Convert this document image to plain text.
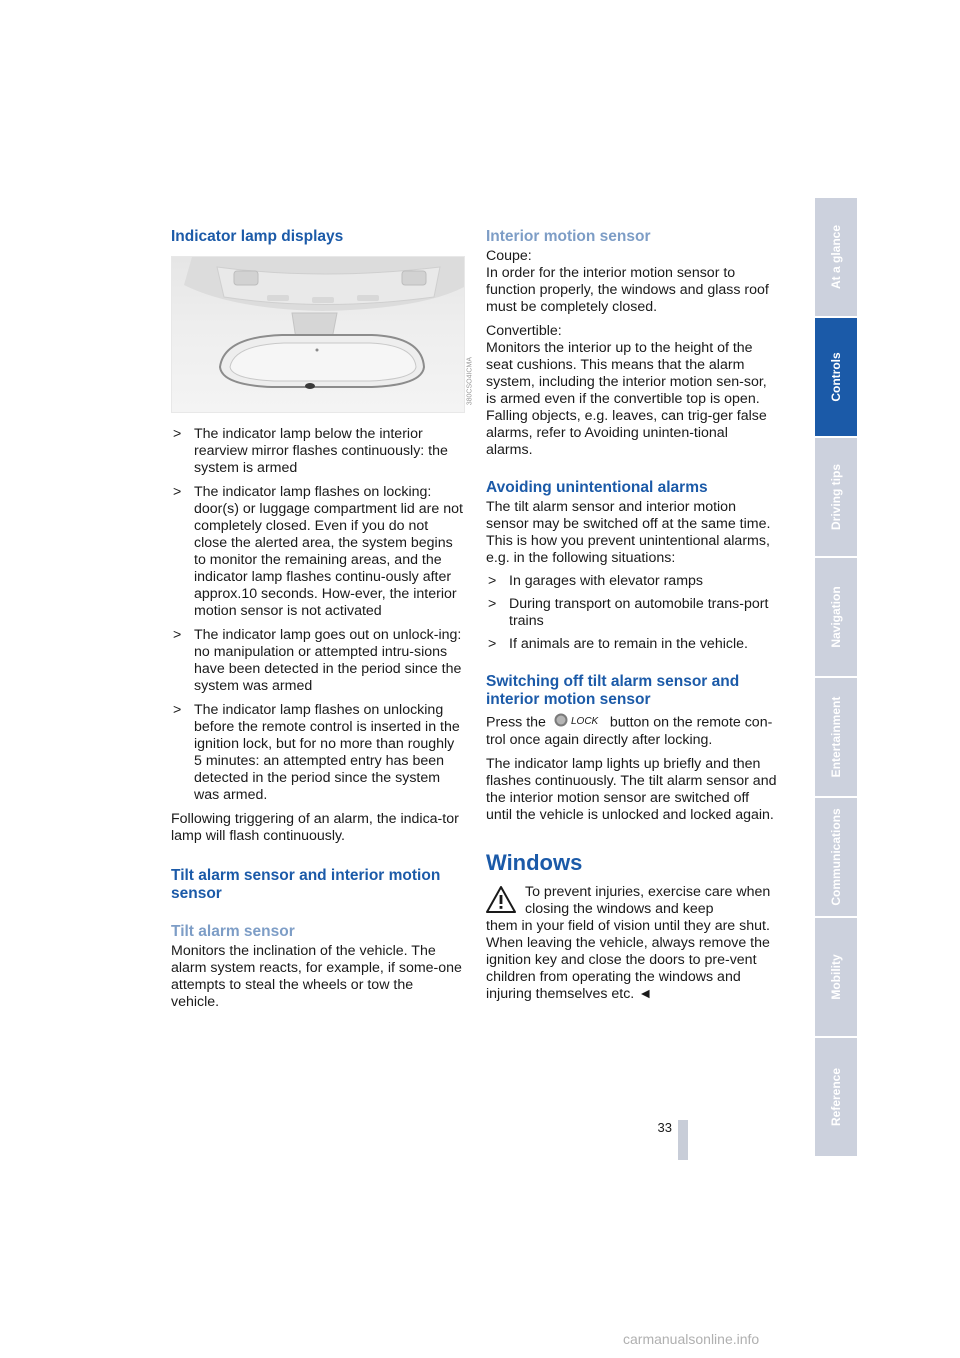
Indicator lamp displays
380CSO4ICMA

> The indicator lamp below the interior rearview mirror flashes continuously: the system is armed

> The indicator lamp flashes on locking: door(s) or luggage compartment lid are not completely closed. Even if you do not close the alerted area, the system begins to monitor the remaining areas, and the indicator lamp flashes continu-ously after approx.10 seconds. How-ever, the interior motion sensor is not activated

> The indicator lamp goes out on unlock-ing: no manipulation or attempted intru-sions have been detected in the period since the system was armed

> The indicator lamp flashes on unlocking before the remote control is inserted in the ignition lock, but for no more than roughly 5 minutes: an attempted entry has been detected in the period since the system was armed.

Following triggering of an alarm, the indica-tor lamp will flash continuously.

Tilt alarm sensor and interior motion sensor
Tilt alarm sensor

Monitors the inclination of the vehicle. The alarm system reacts, for example, if some-one attempts to steal the wheels or tow the vehicle.

Interior motion sensor

Coupe:

In order for the interior motion sensor to function properly, the windows and glass roof must be completely closed.

Convertible:

Monitors the interior up to the height of the seat cushions. This means that the alarm system, including the interior motion sen-sor, is armed even if the convertible top is open. Falling objects, e.g. leaves, can trig-ger false alarms, refer to Avoiding uninten-tional alarms.

Avoiding unintentional alarms

The tilt alarm sensor and interior motion sensor may be switched off at the same time. This is how you prevent unintentional alarms, e.g. in the following situations:

> In garages with elevator ramps

> During transport on automobile trans-port trains

> If animals are to remain in the vehicle.

Switching off tilt alarm sensor and interior motion sensor

Press the LOCK button on the remote con-trol once again directly after locking.

The indicator lamp lights up briefly and then flashes continuously. The tilt alarm sensor and the interior motion sensor are switched off until the vehicle is unlocked and locked again.

Windows

To prevent injuries, exercise care when closing the windows and keep

them in your field of vision until they are shut.

When leaving the vehicle, always remove the ignition key and close the doors to pre-vent children from operating the windows and injuring themselves etc. ◄

At a glance
Controls
Driving tips
Navigation
Entertainment
Communications
Mobility
Reference
33
carmanualsonline.info
